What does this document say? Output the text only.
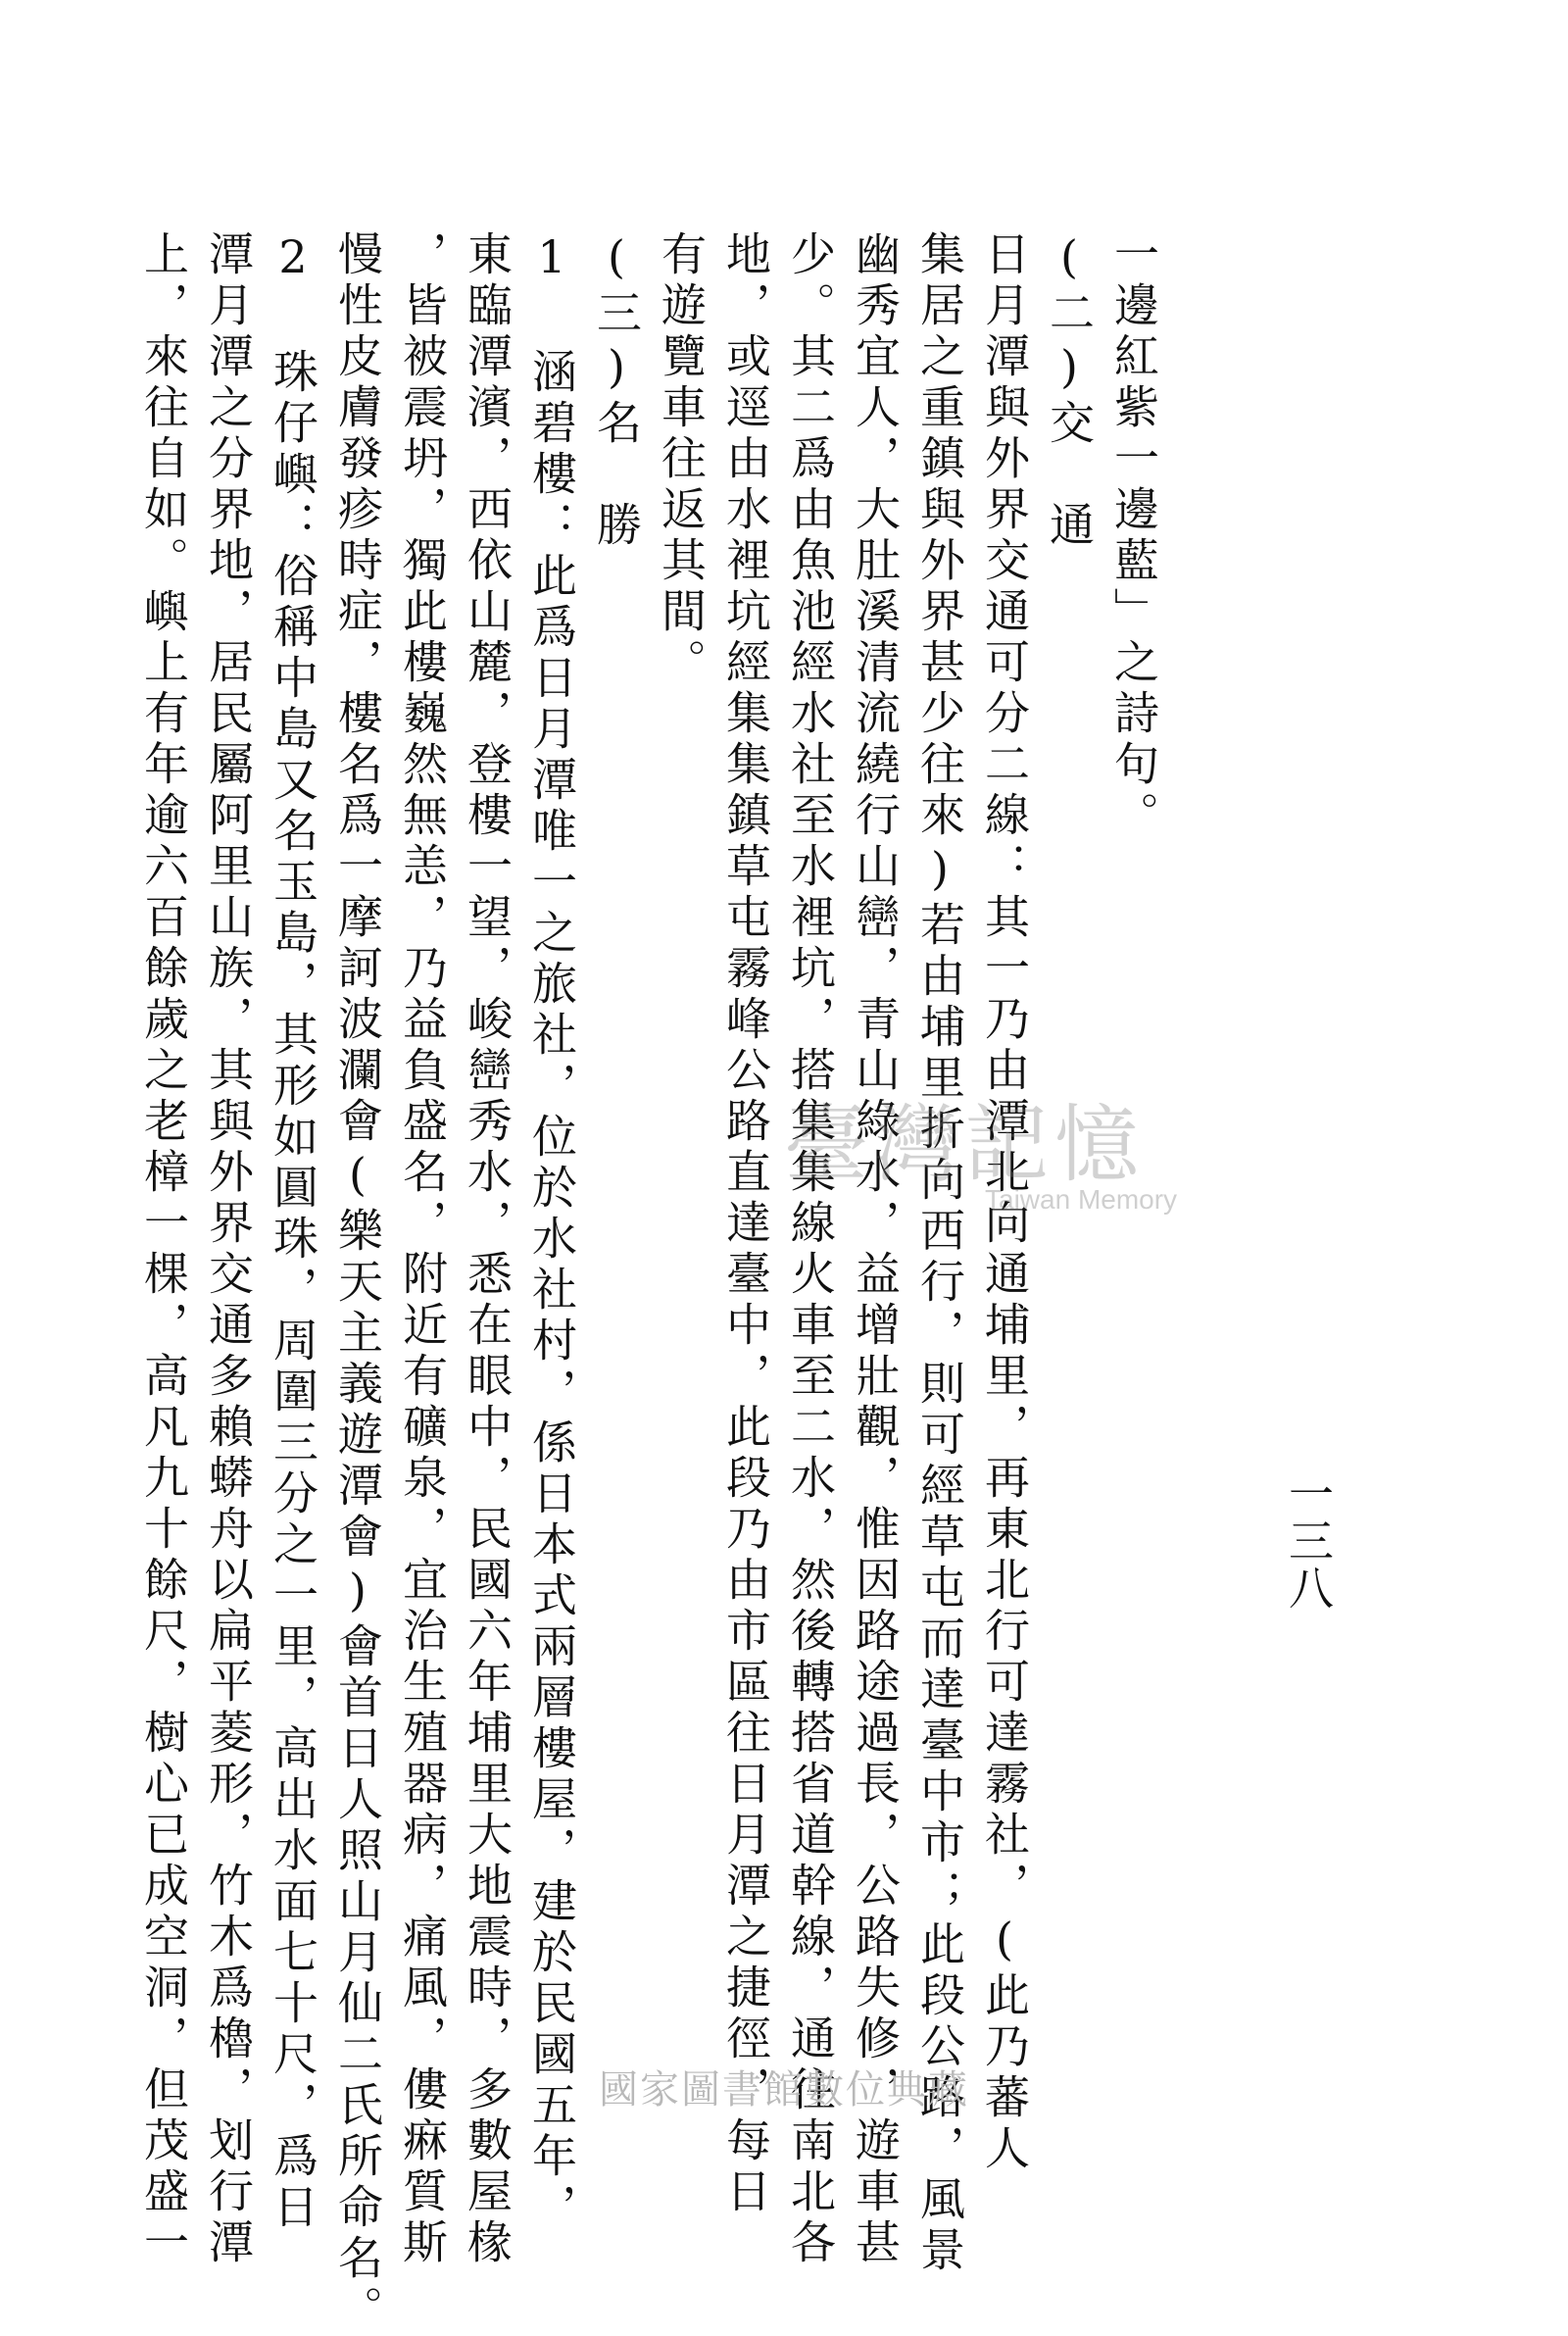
一三八

一邊紅紫一邊藍」之詩句。

(二)交　通

日月潭與外界交通可分二線：其一乃由潭北向通埔里，再東北行可達霧社，(此乃蕃人

集居之重鎮與外界甚少往來)若由埔里折向西行，則可經草屯而達臺中市；此段公路，風景

幽秀宜人，大肚溪清流繞行山巒，青山綠水，益增壯觀，惟因路途過長，公路失修，遊車甚

少。其二爲由魚池經水社至水裡坑，搭集集線火車至二水，然後轉搭省道幹線，通往南北各

地，或逕由水裡坑經集集鎮草屯霧峰公路直達臺中，此段乃由市區往日月潭之捷徑，每日

有遊覽車往返其間。

(三)名　勝

1 涵碧樓：此爲日月潭唯一之旅社，位於水社村，係日本式兩層樓屋，建於民國五年，

東臨潭濱，西依山麓，登樓一望，峻巒秀水，悉在眼中，民國六年埔里大地震時，多數屋椽

，皆被震坍，獨此樓巍然無恙，乃益負盛名，附近有礦泉，宜治生殖器病，痛風，僂痳質斯

慢性皮膚發疹時症，樓名爲一摩訶波瀾會(樂天主義遊潭會)會首日人照山月仙二氏所命名。

2 珠仔嶼：俗稱中島又名玉島，其形如圓珠，周圍三分之一里，高出水面七十尺，爲日

潭月潭之分界地，居民屬阿里山族，其與外界交通多賴蟒舟以扁平菱形，竹木爲櫓，划行潭

上，來往自如。嶼上有年逾六百餘歲之老樟一棵，高凡九十餘尺，樹心已成空洞，但茂盛一	臺灣記憶
Taiwan Memory
國家圖書館數位典藏
